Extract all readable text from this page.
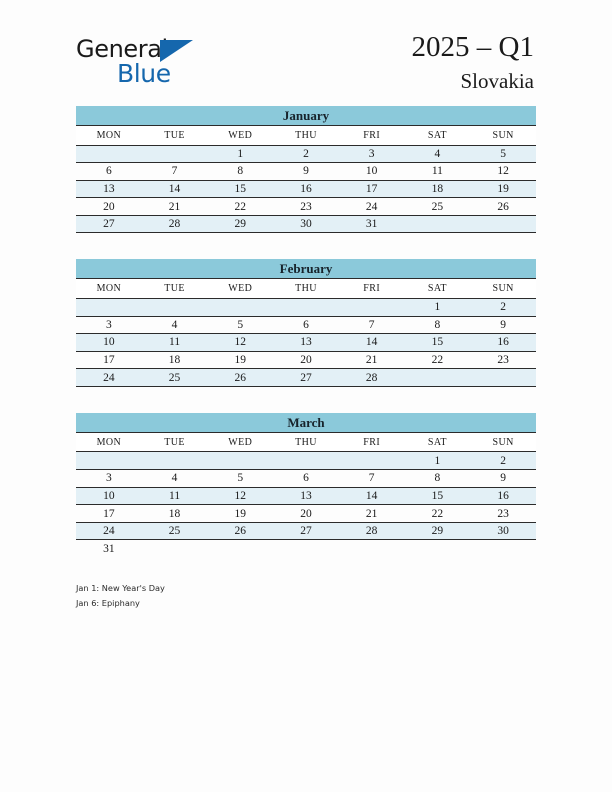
General
Blue
2025 – Q1
Slovakia
January
MON	TUE	WED	THU	FRI	SAT	SUN
		1	2	3	4	5
6	7	8	9	10	11	12
13	14	15	16	17	18	19
20	21	22	23	24	25	26
27	28	29	30	31		
February
MON	TUE	WED	THU	FRI	SAT	SUN
					1	2
3	4	5	6	7	8	9
10	11	12	13	14	15	16
17	18	19	20	21	22	23
24	25	26	27	28		
March
MON	TUE	WED	THU	FRI	SAT	SUN
					1	2
3	4	5	6	7	8	9
10	11	12	13	14	15	16
17	18	19	20	21	22	23
24	25	26	27	28	29	30
31						
Jan 1: New Year's Day
Jan 6: Epiphany
